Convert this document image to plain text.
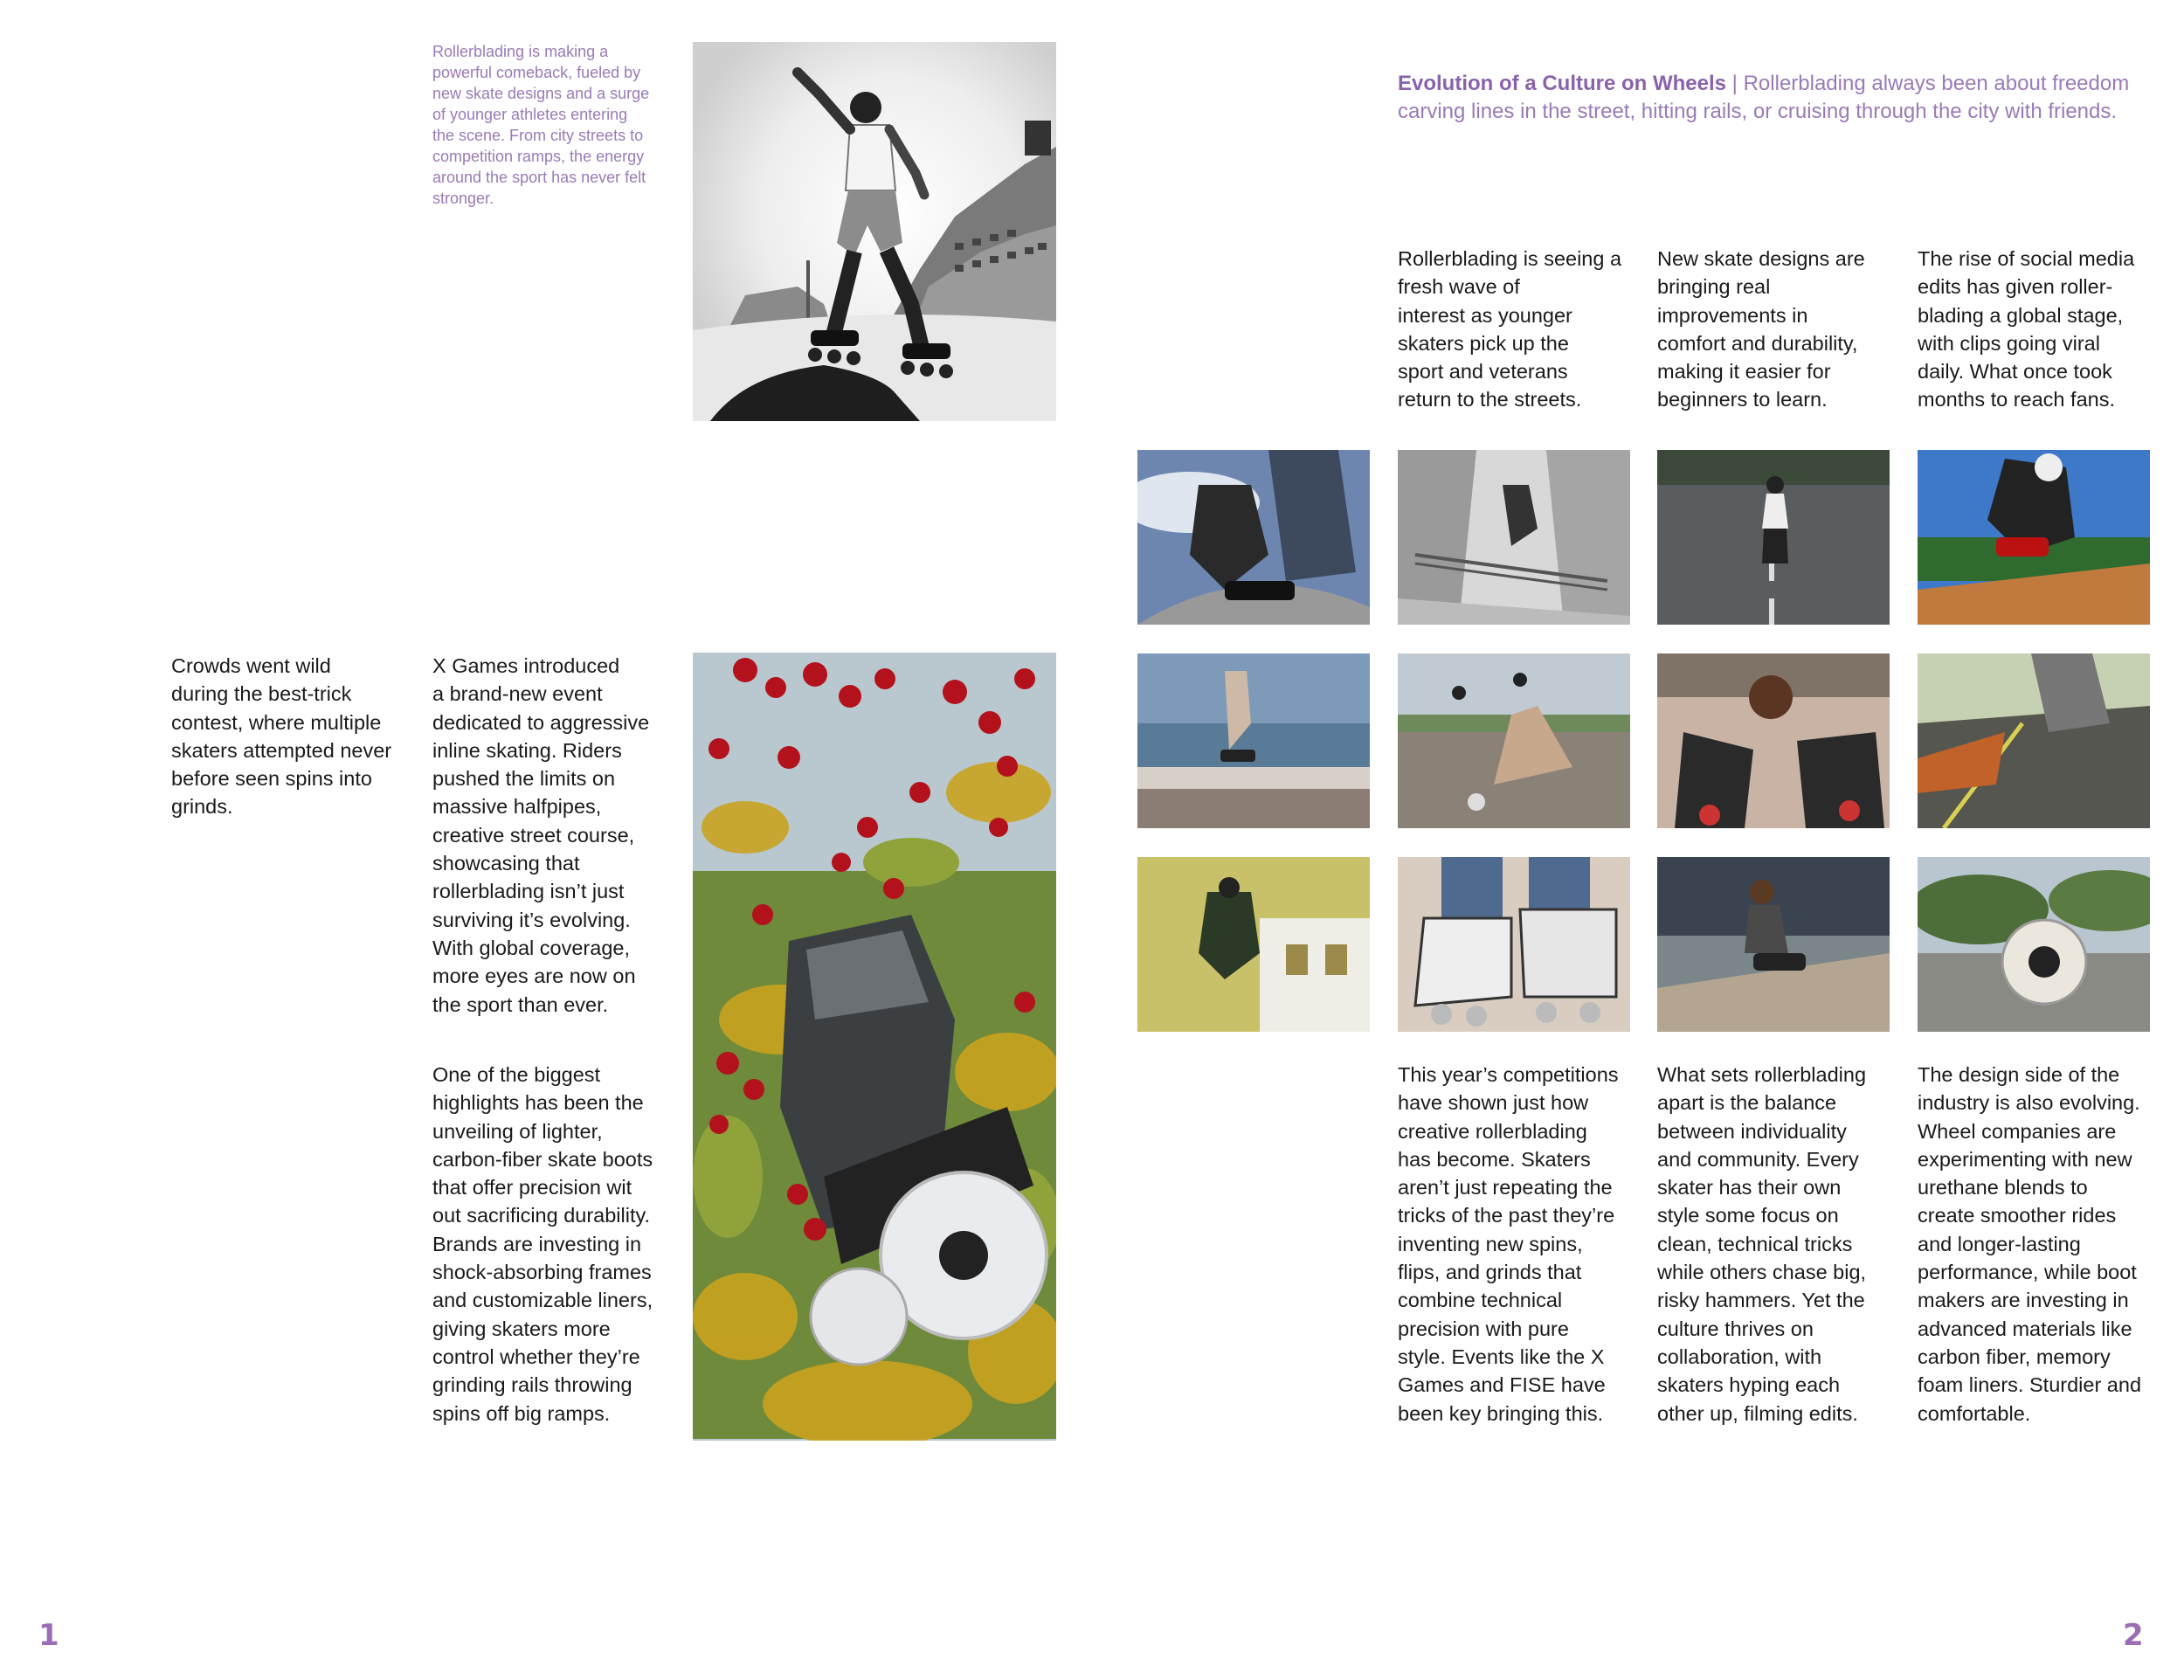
Rollerblading is making a
powerful comeback, fueled by
new skate designs and a surge
of younger athletes entering
the scene. From city streets to
competition ramps, the energy
around the sport has never felt
stronger.
Crowds went wild
during the best-trick
contest, where multiple
skaters attempted never
before seen spins into
grinds.
X Games introduced
a brand-new event
dedicated to aggressive
inline skating. Riders
pushed the limits on
massive halfpipes,
creative street course,
showcasing that
rollerblading isn’t just
surviving it’s evolving.
With global coverage,
more eyes are now on
the sport than ever.
One of the biggest
highlights has been the
unveiling of lighter,
carbon-fiber skate boots
that offer precision wit
out sacrificing durability.
Brands are investing in
shock-absorbing frames
and customizable liners,
giving skaters more
control whether they’re
grinding rails throwing
spins off big ramps.
1

Evolution of a Culture on Wheels | Rollerblading always been about freedom
carving lines in the street, hitting rails, or cruising through the city with friends.

Rollerblading is seeing a
fresh wave of
interest as younger
skaters pick up the
sport and veterans
return to the streets.
New skate designs are
bringing real
improvements in
comfort and durability,
making it easier for
beginners to learn.
The rise of social media
edits has given roller-
blading a global stage,
with clips going viral
daily. What once took
months to reach fans.
This year’s competitions
have shown just how
creative rollerblading
has become. Skaters
aren’t just repeating the
tricks of the past they’re
inventing new spins,
flips, and grinds that
combine technical
precision with pure
style. Events like the X
Games and FISE have
been key bringing this.
What sets rollerblading
apart is the balance
between individuality
and community. Every
skater has their own
style some focus on
clean, technical tricks
while others chase big,
risky hammers. Yet the
culture thrives on
collaboration, with
skaters hyping each
other up, filming edits.
The design side of the
industry is also evolving.
Wheel companies are
experimenting with new
urethane blends to
create smoother rides
and longer-lasting
performance, while boot
makers are investing in
advanced materials like
carbon fiber, memory
foam liners. Sturdier and
comfortable.
2
